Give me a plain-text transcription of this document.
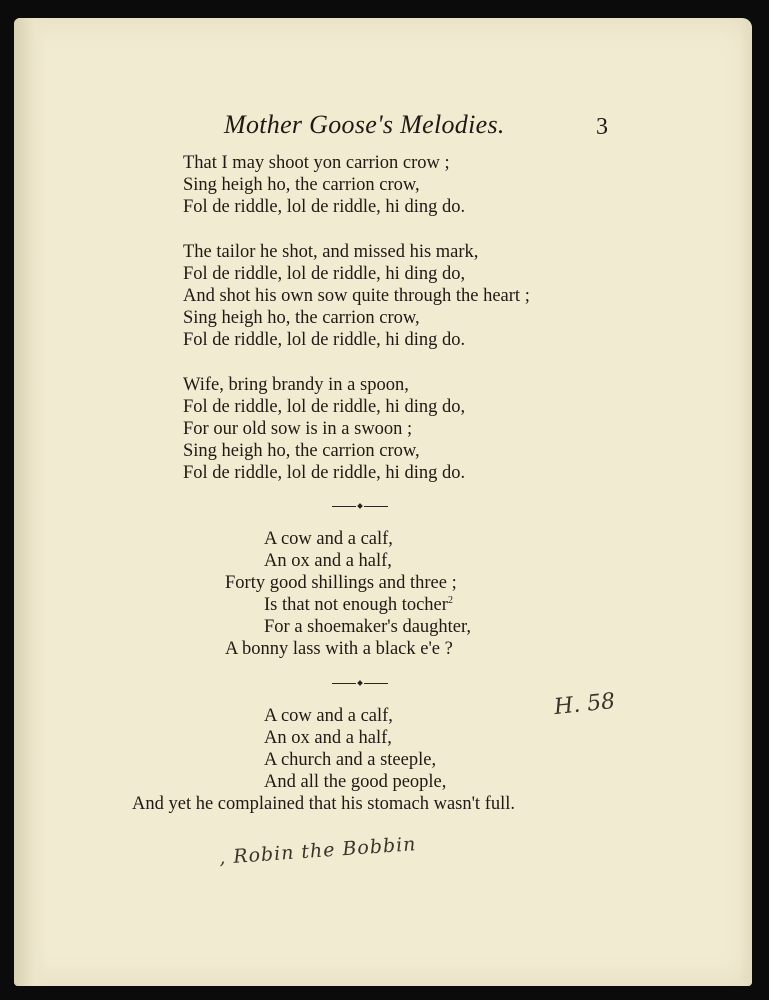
Mother Goose's Melodies.	3
That I may shoot yon carrion crow ;
Sing heigh ho, the carrion crow,
Fol de riddle, lol de riddle, hi ding do.
The tailor he shot, and missed his mark,
Fol de riddle, lol de riddle, hi ding do,
And shot his own sow quite through the heart ;
Sing heigh ho, the carrion crow,
Fol de riddle, lol de riddle, hi ding do.
Wife, bring brandy in a spoon,
Fol de riddle, lol de riddle, hi ding do,
For our old sow is in a swoon ;
Sing heigh ho, the carrion crow,
Fol de riddle, lol de riddle, hi ding do.
A cow and a calf,
An ox and a half,
Forty good shillings and three ;
Is that not enough tocher$^2$
For a shoemaker's daughter,
A bonny lass with a black e'e ?
A cow and a calf,
An ox and a half,
A church and a steeple,
And all the good people,
And yet he complained that his stomach wasn't full.
H. 58
, Robin the Bobbin
